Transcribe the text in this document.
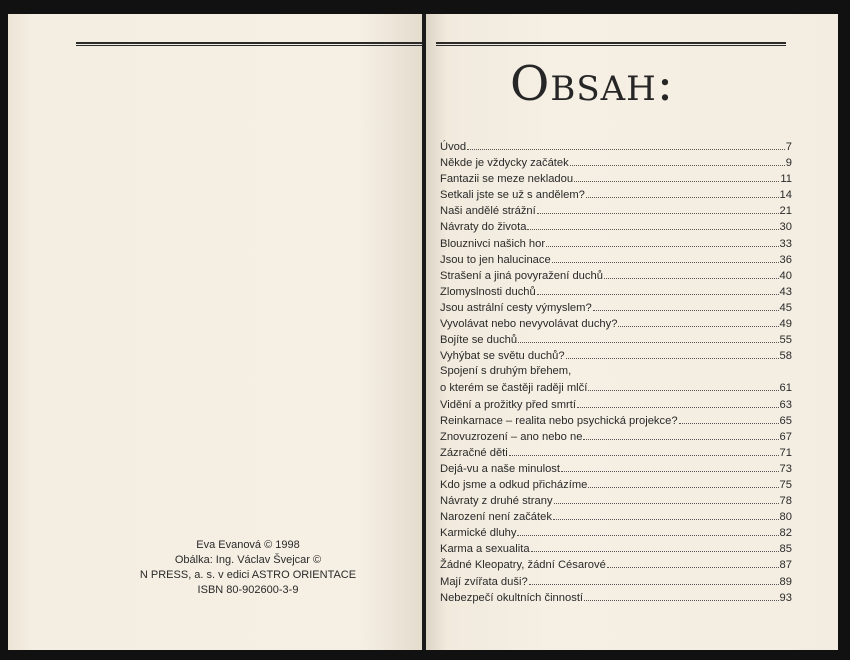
Eva Evanová © 1998
Obálka: Ing. Václav Švejcar ©
N PRESS, a. s. v edici ASTRO ORIENTACE
ISBN 80-902600-3-9
Obsah:
Úvod	7
Někde je vždycky začátek	9
Fantazii se meze nekladou	11
Setkali jste se už s andělem?	14
Naši andělé strážní	21
Návraty do života	30
Blouznivci našich hor	33
Jsou to jen halucinace	36
Strašení a jiná povyražení duchů	40
Zlomyslnosti duchů	43
Jsou astrální cesty výmyslem?	45
Vyvolávat nebo nevyvolávat duchy?	49
Bojíte se duchů	55
Vyhýbat se světu duchů?	58
Spojení s druhým břehem,
o kterém se častěji raději mlčí	61
Vidění a prožitky před smrtí	63
Reinkarnace – realita nebo psychická projekce?	65
Znovuzrození – ano nebo ne	67
Zázračné děti	71
Dejá-vu a naše minulost	73
Kdo jsme a odkud přicházíme	75
Návraty z druhé strany	78
Narození není začátek	80
Karmické dluhy	82
Karma a sexualita	85
Žádné Kleopatry, žádní Césarové	87
Mají zvířata duši?	89
Nebezpečí okultních činností	93
